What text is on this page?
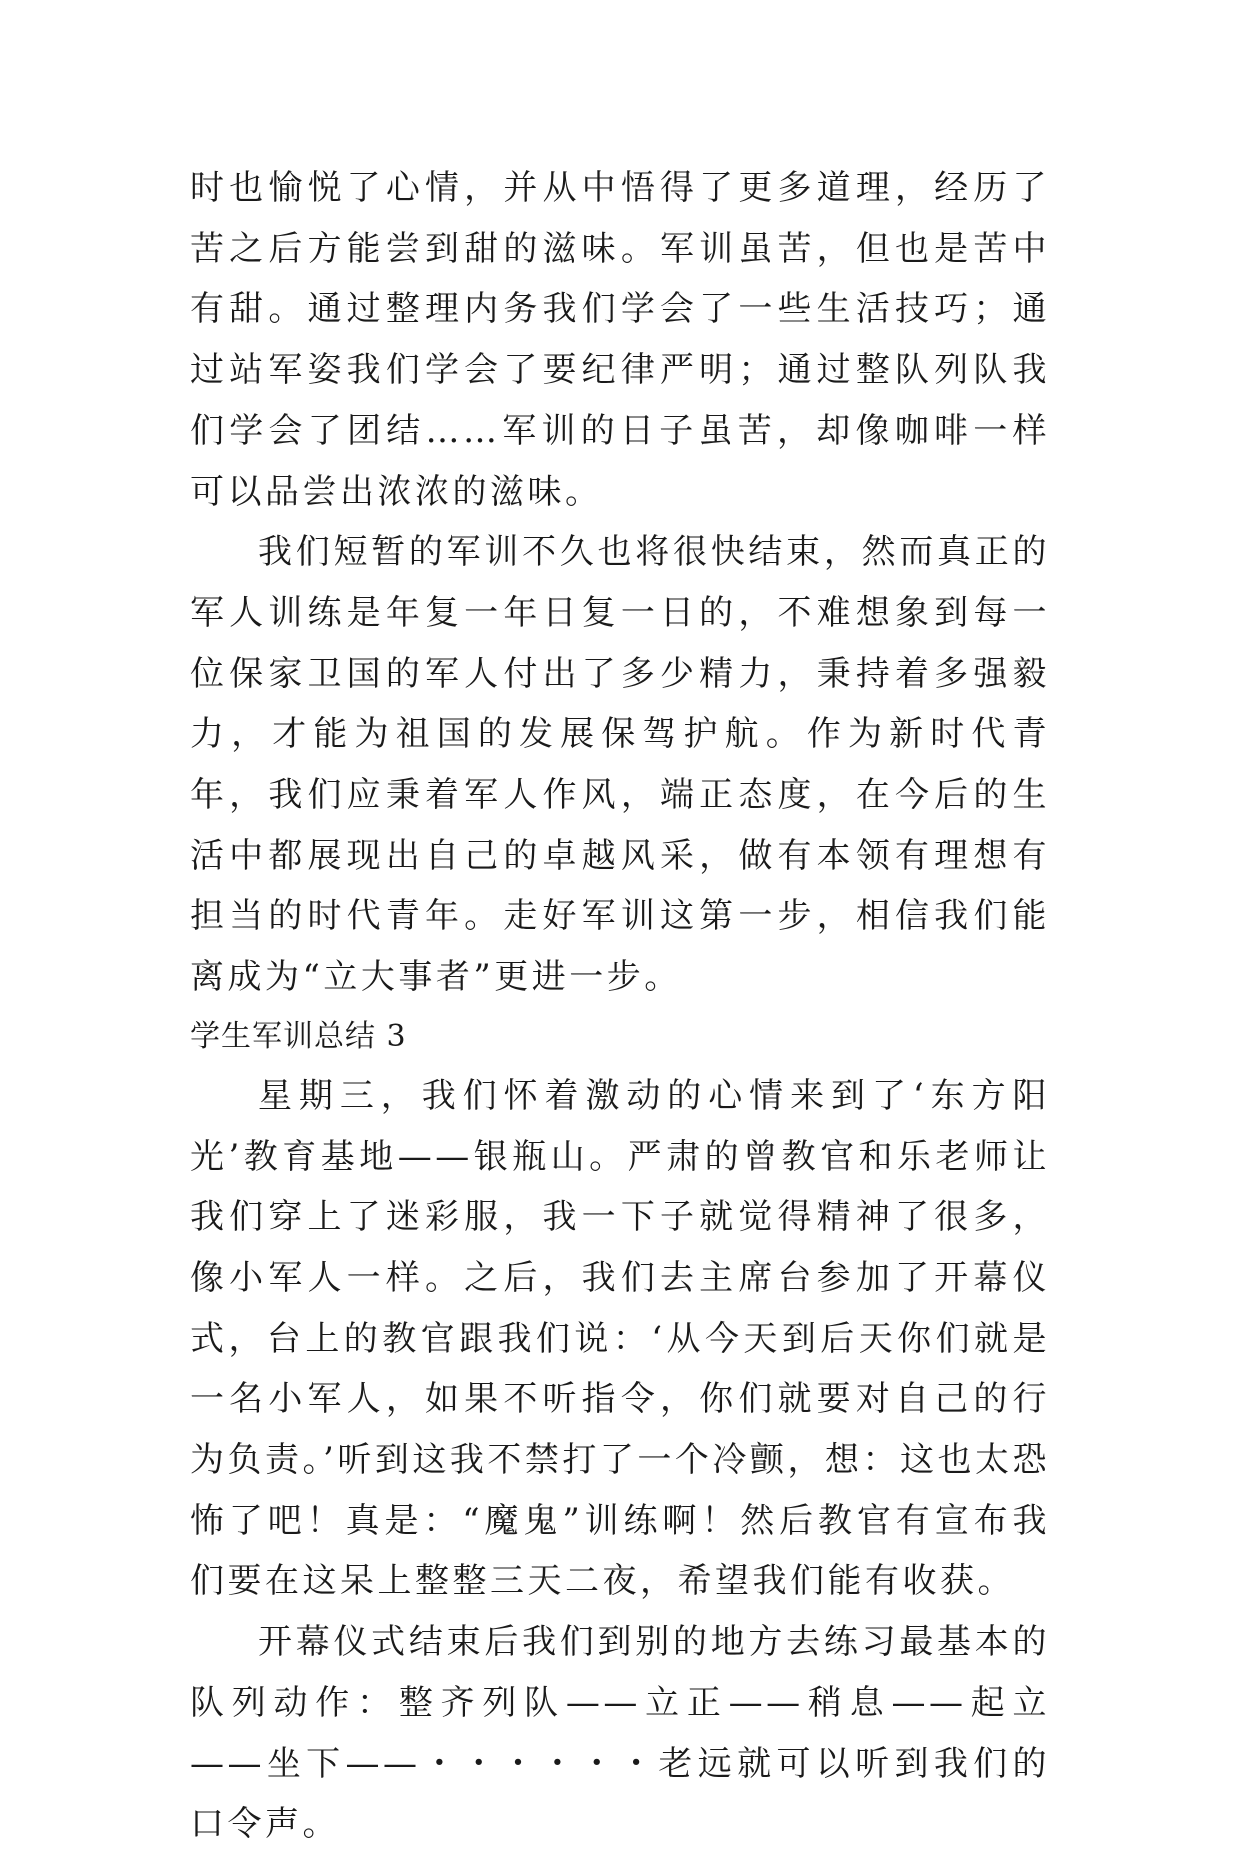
时也愉悦了心情，并从中悟得了更多道理，经历了苦之后方能尝到甜的滋味。军训虽苦，但也是苦中有甜。通过整理内务我们学会了一些生活技巧；通过站军姿我们学会了要纪律严明；通过整队列队我们学会了团结……军训的日子虽苦，却像咖啡一样可以品尝出浓浓的滋味。

我们短暂的军训不久也将很快结束，然而真正的军人训练是年复一年日复一日的，不难想象到每一位保家卫国的军人付出了多少精力，秉持着多强毅力，才能为祖国的发展保驾护航。作为新时代青年，我们应秉着军人作风，端正态度，在今后的生活中都展现出自己的卓越风采，做有本领有理想有担当的时代青年。走好军训这第一步，相信我们能离成为“立大事者”更进一步。

学生军训总结 3

星期三，我们怀着激动的心情来到了‘东方阳光’教育基地——银瓶山。严肃的曾教官和乐老师让我们穿上了迷彩服，我一下子就觉得精神了很多，像小军人一样。之后，我们去主席台参加了开幕仪式，台上的教官跟我们说：‘从今天到后天你们就是一名小军人，如果不听指令，你们就要对自己的行为负责。’听到这我不禁打了一个冷颤，想：这也太恐怖了吧！真是：“魔鬼”训练啊！然后教官有宣布我们要在这呆上整整三天二夜，希望我们能有收获。

开幕仪式结束后我们到别的地方去练习最基本的队列动作：整齐列队——立正——稍息——起立——坐下——・・・・・・老远就可以听到我们的口令声。
